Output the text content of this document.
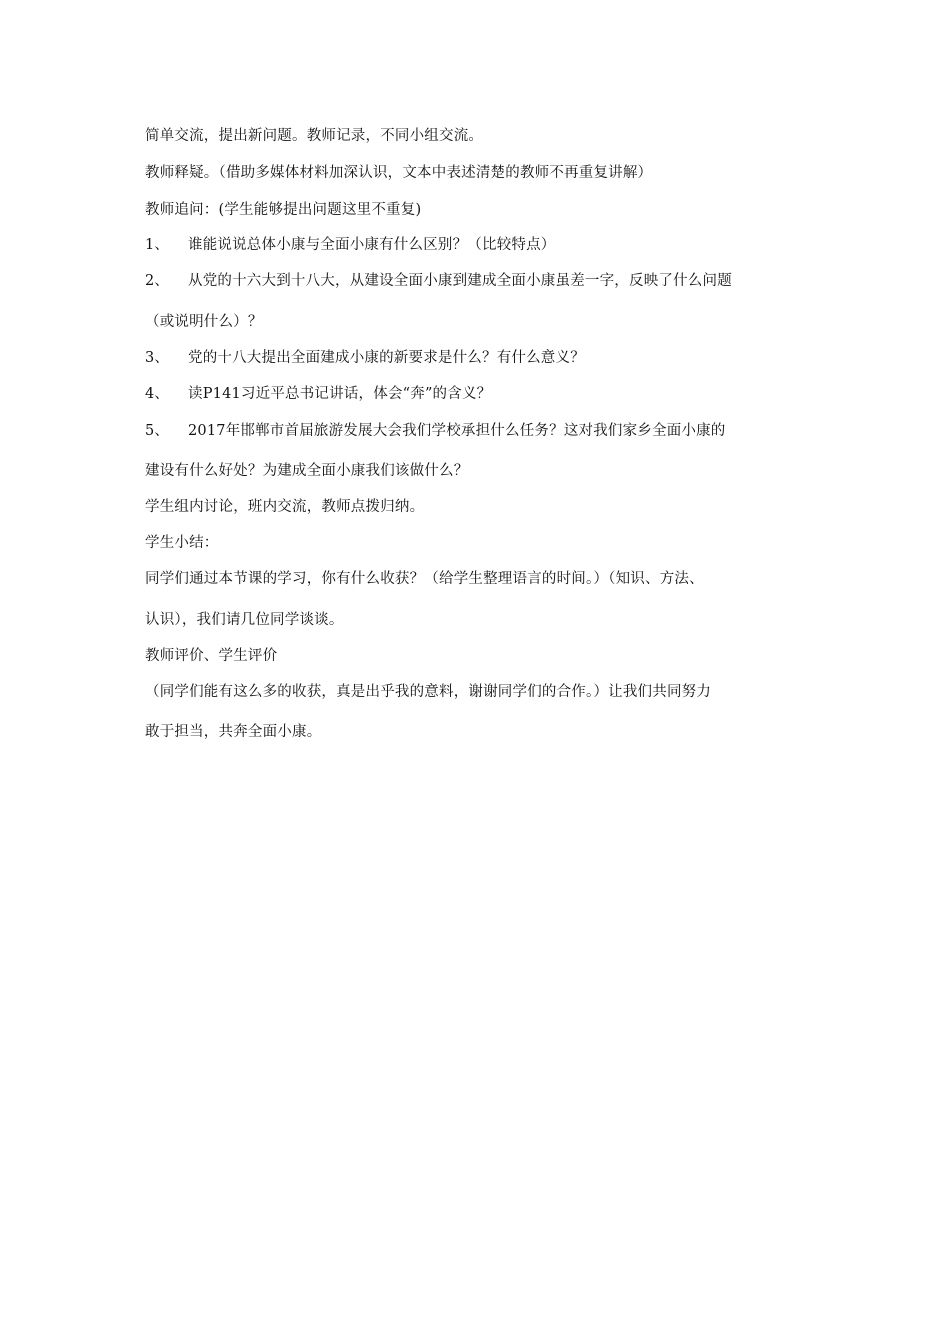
简单交流，提出新问题。教师记录，不同小组交流。
教师释疑。（借助多媒体材料加深认识，文本中表述清楚的教师不再重复讲解）
教师追问：(学生能够提出问题这里不重复)
1、 谁能说说总体小康与全面小康有什么区别？（比较特点）
2、 从党的十六大到十八大，从建设全面小康到建成全面小康虽差一字，反映了什么问题
（或说明什么）？
3、 党的十八大提出全面建成小康的新要求是什么？有什么意义？
4、 读P141习近平总书记讲话，体会“奔”的含义？
5、 2017年邯郸市首届旅游发展大会我们学校承担什么任务？这对我们家乡全面小康的
建设有什么好处？为建成全面小康我们该做什么？
学生组内讨论，班内交流，教师点拨归纳。
学生小结：
同学们通过本节课的学习，你有什么收获？（给学生整理语言的时间。）（知识、方法、
认识），我们请几位同学谈谈。
教师评价、学生评价
（同学们能有这么多的收获，真是出乎我的意料，谢谢同学们的合作。）让我们共同努力
敢于担当，共奔全面小康。
